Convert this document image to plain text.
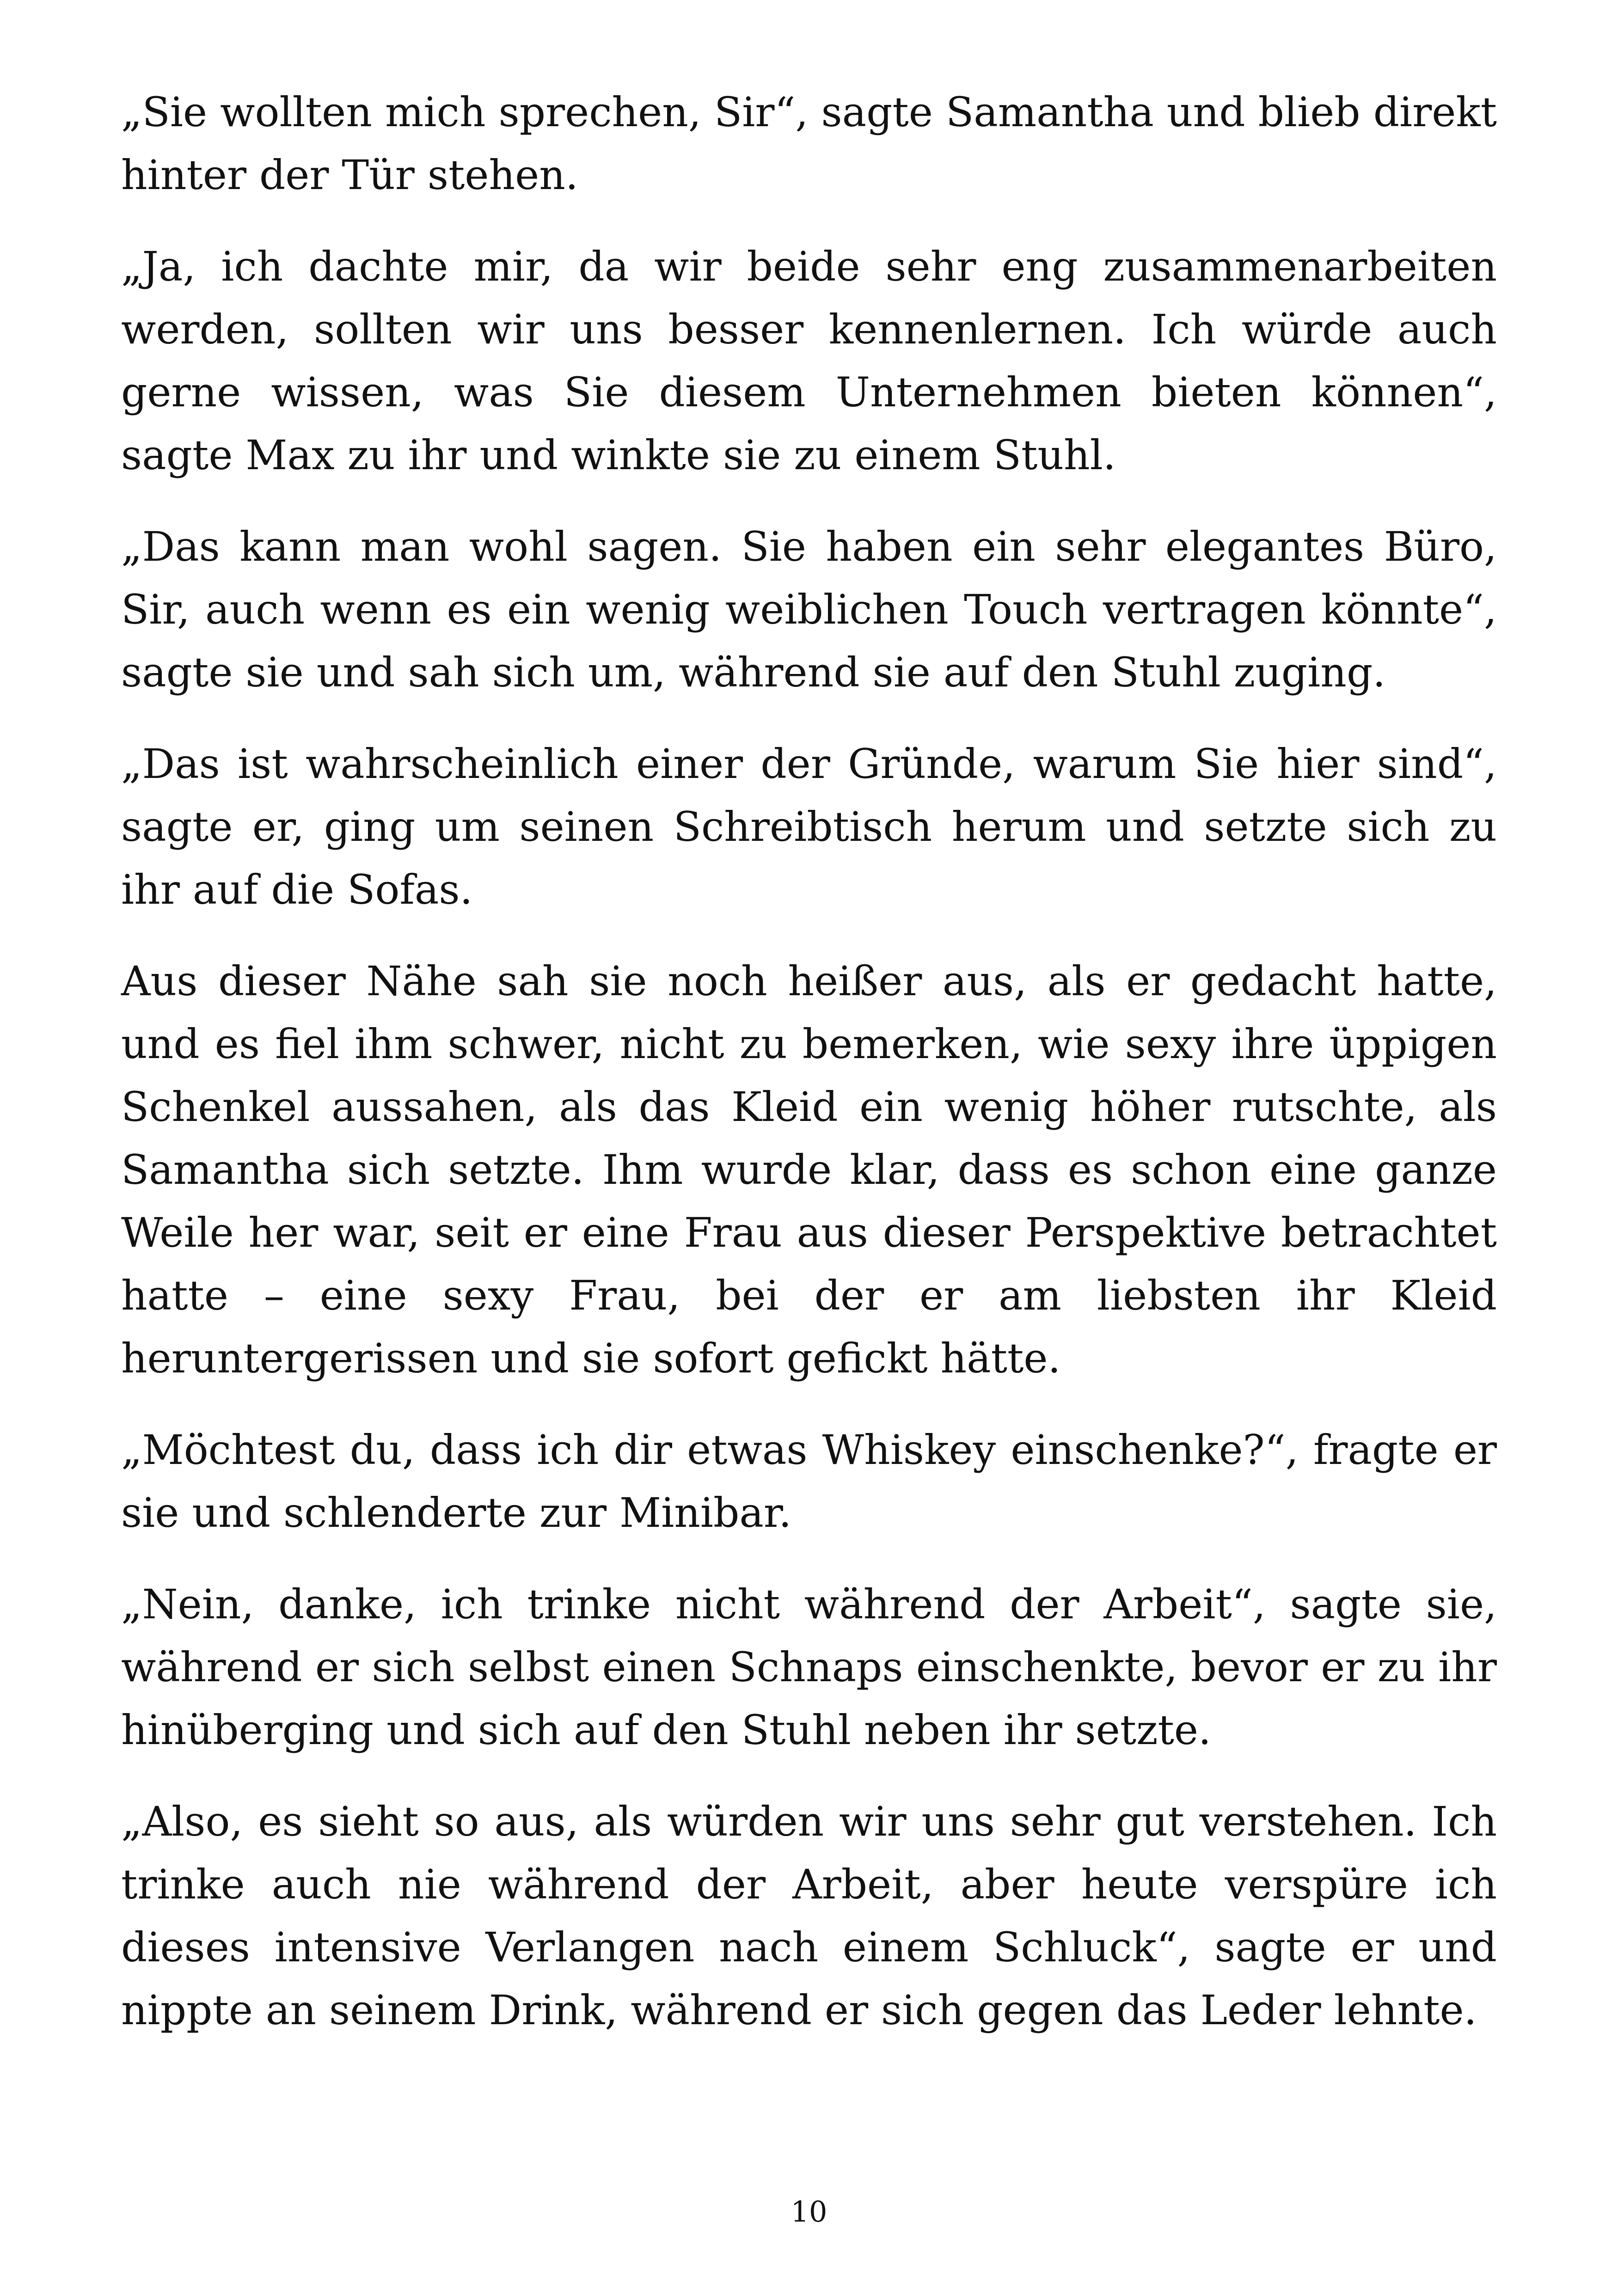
„Sie wollten mich sprechen, Sir“, sagte Samantha und blieb direkt hinter der Tür stehen.

„Ja, ich dachte mir, da wir beide sehr eng zusammenarbeiten werden, sollten wir uns besser kennenlernen. Ich würde auch gerne wissen, was Sie diesem Unternehmen bieten können“, sagte Max zu ihr und winkte sie zu einem Stuhl.

„Das kann man wohl sagen. Sie haben ein sehr elegantes Büro, Sir, auch wenn es ein wenig weiblichen Touch vertragen könnte“, sagte sie und sah sich um, während sie auf den Stuhl zuging.

„Das ist wahrscheinlich einer der Gründe, warum Sie hier sind“, sagte er, ging um seinen Schreibtisch herum und setzte sich zu ihr auf die Sofas.

Aus dieser Nähe sah sie noch heißer aus, als er gedacht hatte, und es fiel ihm schwer, nicht zu bemerken, wie sexy ihre üppigen Schenkel aussahen, als das Kleid ein wenig höher rutschte, als Samantha sich setzte. Ihm wurde klar, dass es schon eine ganze Weile her war, seit er eine Frau aus dieser Perspektive betrachtet hatte – eine sexy Frau, bei der er am liebsten ihr Kleid heruntergerissen und sie sofort gefickt hätte.

„Möchtest du, dass ich dir etwas Whiskey einschenke?“, fragte er sie und schlenderte zur Minibar.

„Nein, danke, ich trinke nicht während der Arbeit“, sagte sie, während er sich selbst einen Schnaps einschenkte, bevor er zu ihr hinüberging und sich auf den Stuhl neben ihr setzte.

„Also, es sieht so aus, als würden wir uns sehr gut verstehen. Ich trinke auch nie während der Arbeit, aber heute verspüre ich dieses intensive Verlangen nach einem Schluck“, sagte er und nippte an seinem Drink, während er sich gegen das Leder lehnte.

10
